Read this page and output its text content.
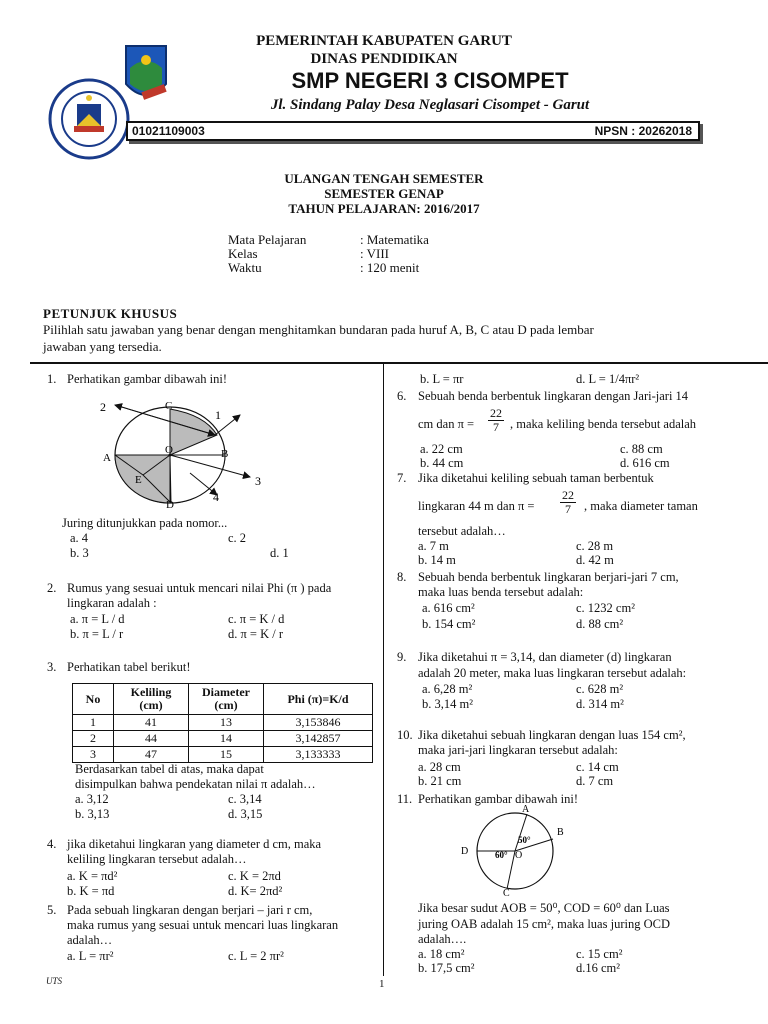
PEMERINTAH KABUPATEN GARUT
DINAS PENDIDIKAN
SMP NEGERI 3 CISOMPET
Jl. Sindang Palay Desa Neglasari Cisompet - Garut
01021109003	NPSN : 20262018
ULANGAN TENGAH SEMESTER
SEMESTER GENAP
TAHUN PELAJARAN: 2016/2017
Mata Pelajaran	: Matematika
Kelas	: VIII
Waktu	: 120 menit
PETUNJUK KHUSUS
Pilihlah satu jawaban yang benar dengan menghitamkan bundaran pada huruf A, B, C atau D pada lembar
jawaban yang tersedia.
1. Perhatikan gambar dibawah ini!
2	C
1
A
O	B
E	3
D
4
Juring ditunjukkan pada nomor...
a. 4	c. 2
b. 3	d. 1
2. Rumus yang sesuai untuk mencari nilai Phi (π ) pada
lingkaran adalah :
a. π = L / d	c. π = K / d
b. π = L / r	d. π = K / r
3. Perhatikan tabel berikut!
No	Keliling (cm)	Diameter (cm)	Phi (π)=K/d
1	41	13	3,153846
2	44	14	3,142857
3	47	15	3,133333
Berdasarkan tabel di atas, maka dapat
disimpulkan bahwa pendekatan nilai π adalah…
a. 3,12	c. 3,14
b. 3,13	d. 3,15
4. jika diketahui lingkaran yang diameter d cm, maka
keliling lingkaran tersebut adalah…
a. K = πd²	c. K = 2πd
b. K = πd	d. K= 2πd²
5. Pada sebuah lingkaran dengan berjari – jari r cm,
maka rumus yang sesuai untuk mencari luas lingkaran
adalah…
a. L = πr²	c. L = 2 πr²
b. L = πr	d. L = 1/4πr²
6. Sebuah benda berbentuk lingkaran dengan Jari-jari 14
cm dan $\pi = \frac{22}{7}$ , maka keliling benda tersebut adalah
a. 22 cm	c. 88 cm
b. 44 cm	d. 616 cm
7. Jika diketahui keliling sebuah taman berbentuk
lingkaran 44 m dan $\pi = \frac{22}{7}$ , maka diameter taman
tersebut adalah…
a. 7 m	c. 28 m
b. 14 m	d. 42 m
8. Sebuah benda berbentuk lingkaran berjari-jari 7 cm,
maka luas benda tersebut adalah:
a. 616 cm²	c. 1232 cm²
b. 154 cm²	d. 88 cm²
9. Jika diketahui π = 3,14, dan diameter (d) lingkaran
adalah 20 meter, maka luas lingkaran tersebut adalah:
a. 6,28 m²	c. 628 m²
b. 3,14 m²	d. 314 m²
10. Jika diketahui sebuah lingkaran dengan luas 154 cm²,
maka jari-jari lingkaran tersebut adalah:
a. 28 cm	c. 14 cm
b. 21 cm	d. 7 cm
11. Perhatikan gambar dibawah ini!
A
B
C
D	O
50°
60°
Jika besar sudut AOB = 50⁰, COD = 60⁰ dan Luas
juring OAB adalah 15 cm², maka luas juring OCD
adalah….
a. 18 cm²	c. 15 cm²
b. 17,5 cm²	d.16 cm²
UTS	1
